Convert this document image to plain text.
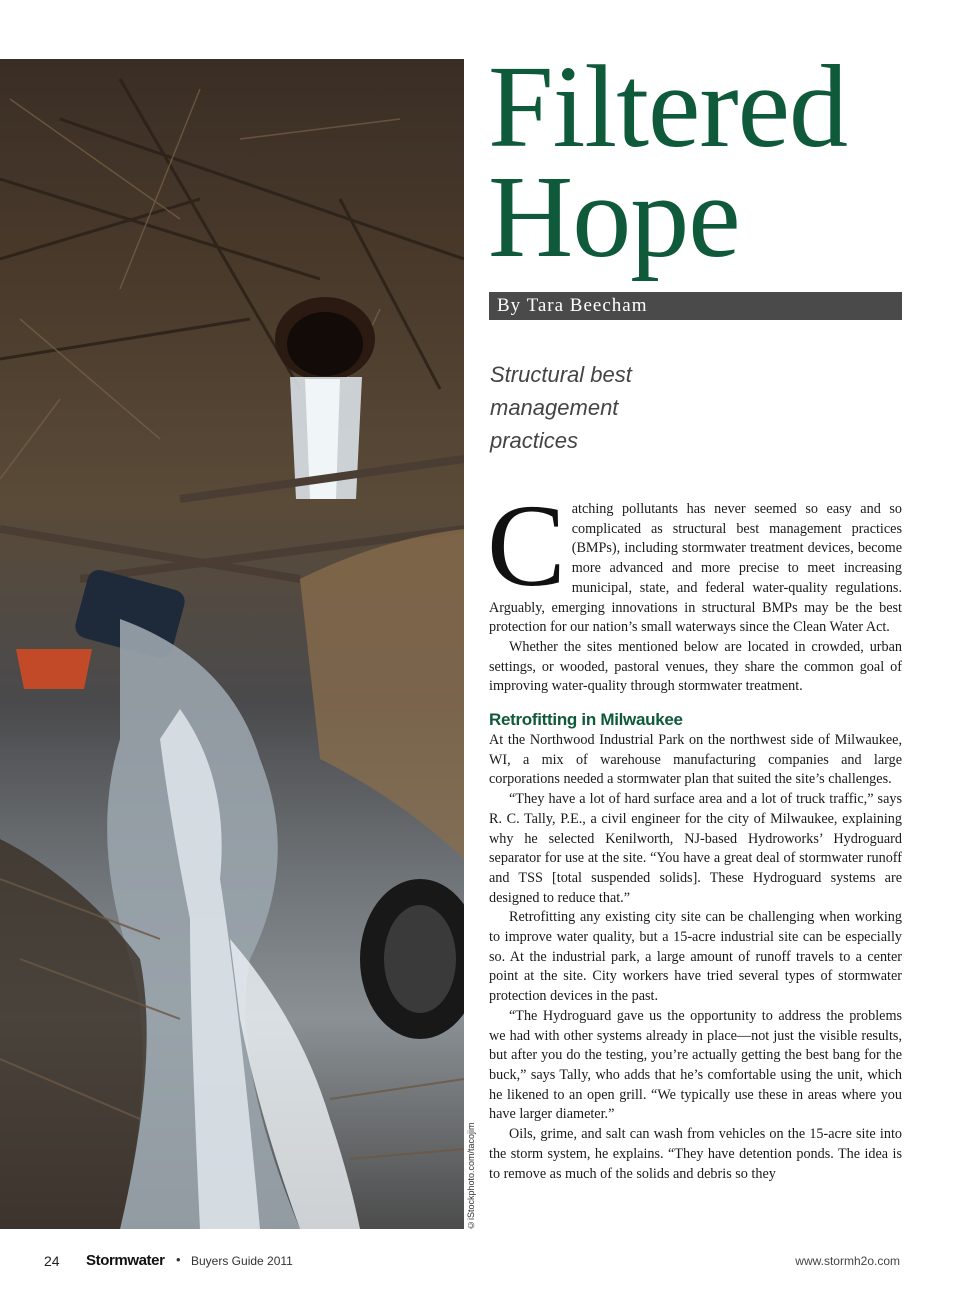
©iStockphoto.com/tacojim
Filtered
Hope
By Tara Beecham
Structural best
management
practices

Catching pollutants has never seemed so easy and so complicated as structural best management practices (BMPs), including stormwater treatment devices, become more advanced and more precise to meet increasing municipal, state, and federal water-quality regulations. Arguably, emerging innovations in structural BMPs may be the best protection for our nation’s small waterways since the Clean Water Act.

Whether the sites mentioned below are located in crowded, urban settings, or wooded, pastoral venues, they share the common goal of improving water-quality through stormwater treatment.

Retrofitting in Milwaukee

At the Northwood Industrial Park on the northwest side of Milwaukee, WI, a mix of warehouse manufacturing companies and large corporations needed a stormwater plan that suited the site’s challenges.

“They have a lot of hard surface area and a lot of truck traffic,” says R. C. Tally, P.E., a civil engineer for the city of Milwaukee, explaining why he selected Kenilworth, NJ-based Hydroworks’ Hydroguard separator for use at the site. “You have a great deal of stormwater runoff and TSS [total suspended solids]. These Hydroguard systems are designed to reduce that.”

Retrofitting any existing city site can be challenging when working to improve water quality, but a 15-acre industrial site can be especially so. At the industrial park, a large amount of runoff travels to a center point at the site. City workers have tried several types of stormwater protection devices in the past.

“The Hydroguard gave us the opportunity to address the problems we had with other systems already in place—not just the visible results, but after you do the testing, you’re actually getting the best bang for the buck,” says Tally, who adds that he’s comfortable using the unit, which he likened to an open grill. “We typically use these in areas where you have larger diameter.”

Oils, grime, and salt can wash from vehicles on the 15-acre site into the storm system, he explains. “They have detention ponds. The idea is to remove as much of the solids and debris so they

24 Stormwater • Buyers Guide 2011	www.stormh2o.com
